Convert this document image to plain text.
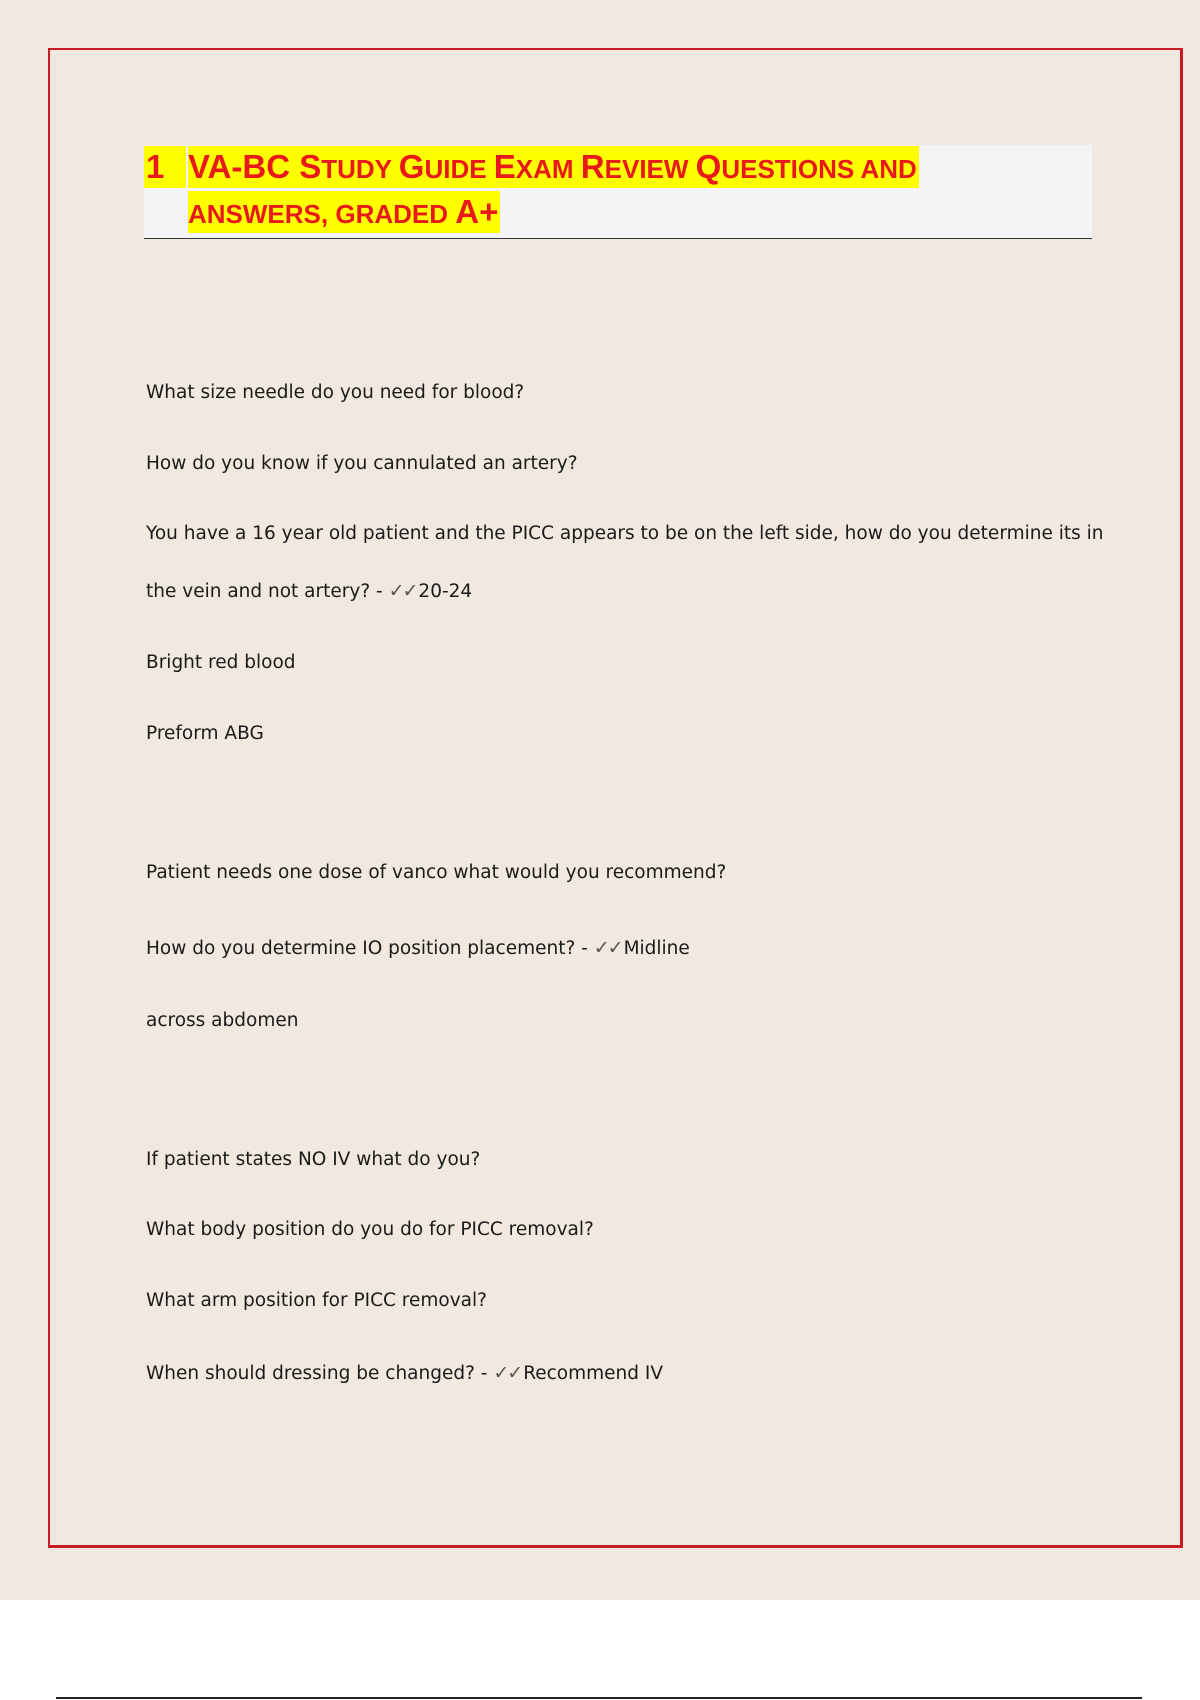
1 VA-BC STUDY GUIDE EXAM REVIEW QUESTIONS AND
ANSWERS, GRADED A+
What size needle do you need for blood?
How do you know if you cannulated an artery?
You have a 16 year old patient and the PICC appears to be on the left side, how do you determine its in
the vein and not artery? - ✓✓ 20-24
Bright red blood
Preform ABG
Patient needs one dose of vanco what would you recommend?
How do you determine IO position placement? - ✓✓ Midline
across abdomen
If patient states NO IV what do you?
What body position do you do for PICC removal?
What arm position for PICC removal?
When should dressing be changed? - ✓✓ Recommend IV
